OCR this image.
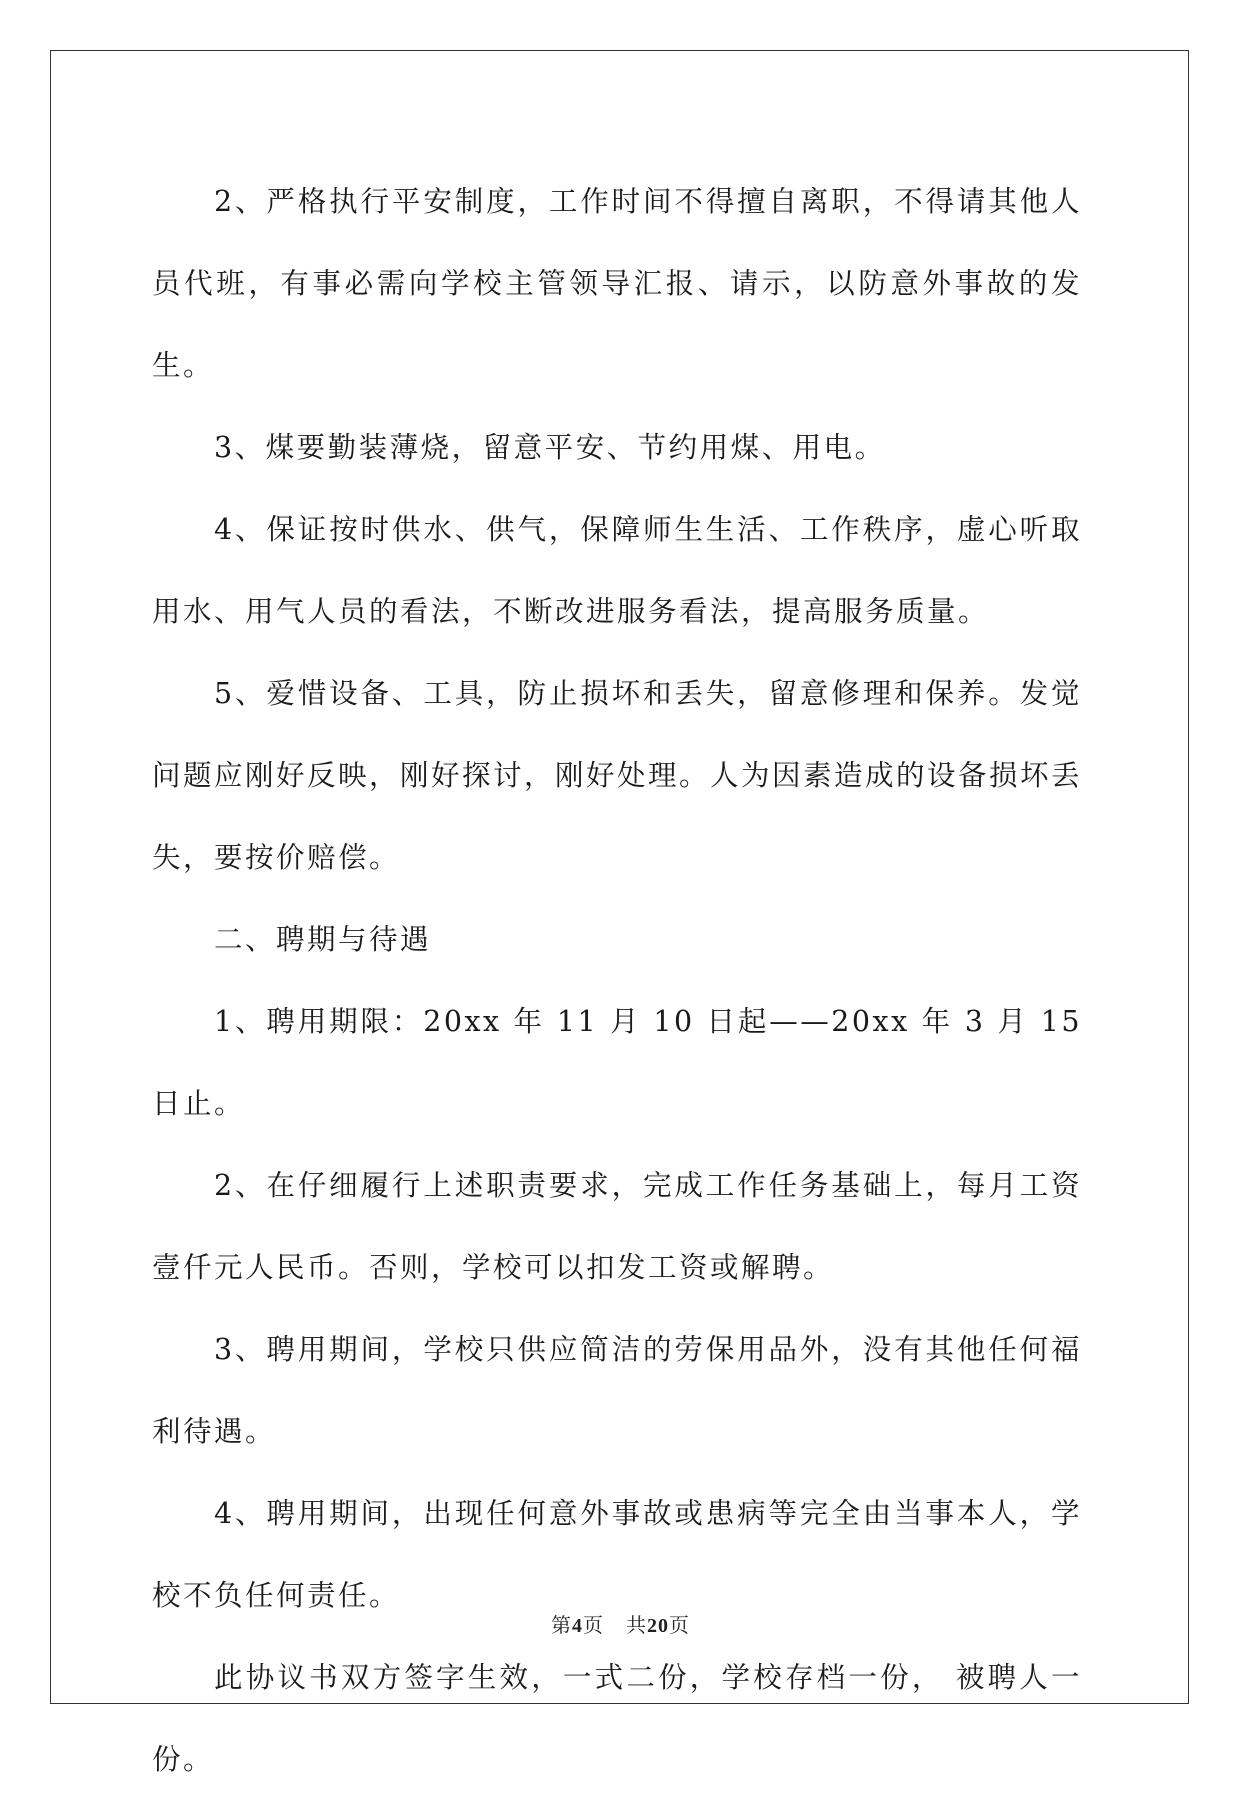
2、严格执行平安制度，工作时间不得擅自离职，不得请其他人员代班，有事必需向学校主管领导汇报、请示，以防意外事故的发生。

3、煤要勤装薄烧，留意平安、节约用煤、用电。

4、保证按时供水、供气，保障师生生活、工作秩序，虚心听取用水、用气人员的看法，不断改进服务看法，提高服务质量。

5、爱惜设备、工具，防止损坏和丢失，留意修理和保养。发觉问题应刚好反映，刚好探讨，刚好处理。人为因素造成的设备损坏丢失，要按价赔偿。

二、聘期与待遇

1、聘用期限：20xx 年 11 月 10 日起——20xx 年 3 月 15 日止。

2、在仔细履行上述职责要求，完成工作任务基础上，每月工资壹仟元人民币。否则，学校可以扣发工资或解聘。

3、聘用期间，学校只供应简洁的劳保用品外，没有其他任何福利待遇。

4、聘用期间，出现任何意外事故或患病等完全由当事本人，学校不负任何责任。

此协议书双方签字生效，一式二份，学校存档一份， 被聘人一份。

第4页 共20页
